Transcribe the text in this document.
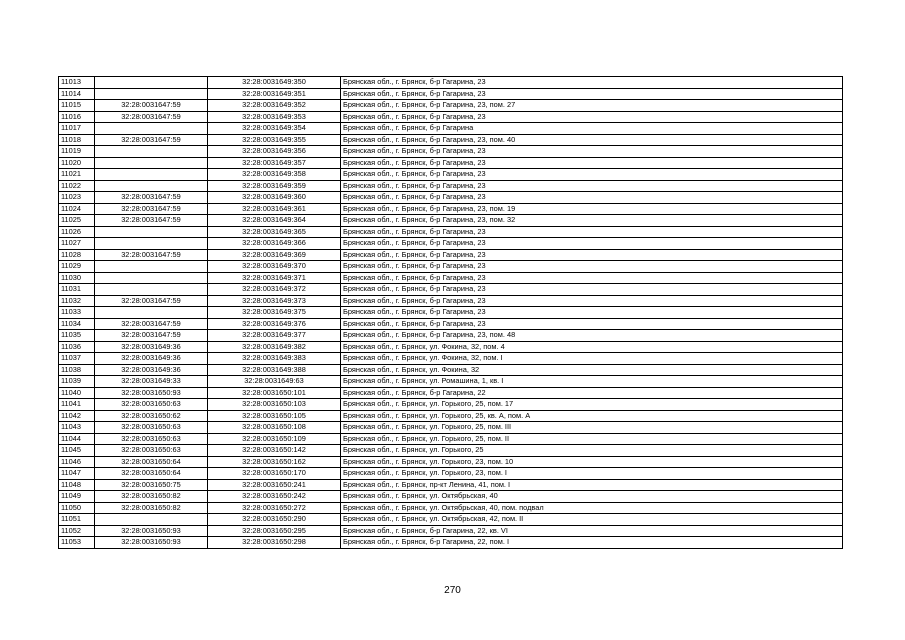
11013		32:28:0031649:350	Брянская обл., г. Брянск, б-р Гагарина, 23
11014		32:28:0031649:351	Брянская обл., г. Брянск, б-р Гагарина, 23
11015	32:28:0031647:59	32:28:0031649:352	Брянская обл., г. Брянск, б-р Гагарина, 23, пом. 27
11016	32:28:0031647:59	32:28:0031649:353	Брянская обл., г. Брянск, б-р Гагарина, 23
11017		32:28:0031649:354	Брянская обл., г. Брянск, б-р Гагарина
11018	32:28:0031647:59	32:28:0031649:355	Брянская обл., г. Брянск, б-р Гагарина, 23, пом. 40
11019		32:28:0031649:356	Брянская обл., г. Брянск, б-р Гагарина, 23
11020		32:28:0031649:357	Брянская обл., г. Брянск, б-р Гагарина, 23
11021		32:28:0031649:358	Брянская обл., г. Брянск, б-р Гагарина, 23
11022		32:28:0031649:359	Брянская обл., г. Брянск, б-р Гагарина, 23
11023	32:28:0031647:59	32:28:0031649:360	Брянская обл., г. Брянск, б-р Гагарина, 23
11024	32:28:0031647:59	32:28:0031649:361	Брянская обл., г. Брянск, б-р Гагарина, 23, пом. 19
11025	32:28:0031647:59	32:28:0031649:364	Брянская обл., г. Брянск, б-р Гагарина, 23, пом. 32
11026		32:28:0031649:365	Брянская обл., г. Брянск, б-р Гагарина, 23
11027		32:28:0031649:366	Брянская обл., г. Брянск, б-р Гагарина, 23
11028	32:28:0031647:59	32:28:0031649:369	Брянская обл., г. Брянск, б-р Гагарина, 23
11029		32:28:0031649:370	Брянская обл., г. Брянск, б-р Гагарина, 23
11030		32:28:0031649:371	Брянская обл., г. Брянск, б-р Гагарина, 23
11031		32:28:0031649:372	Брянская обл., г. Брянск, б-р Гагарина, 23
11032	32:28:0031647:59	32:28:0031649:373	Брянская обл., г. Брянск, б-р Гагарина, 23
11033		32:28:0031649:375	Брянская обл., г. Брянск, б-р Гагарина, 23
11034	32:28:0031647:59	32:28:0031649:376	Брянская обл., г. Брянск, б-р Гагарина, 23
11035	32:28:0031647:59	32:28:0031649:377	Брянская обл., г. Брянск, б-р Гагарина, 23, пом. 48
11036	32:28:0031649:36	32:28:0031649:382	Брянская обл., г. Брянск, ул. Фокина, 32, пом. 4
11037	32:28:0031649:36	32:28:0031649:383	Брянская обл., г. Брянск, ул. Фокина, 32, пом. I
11038	32:28:0031649:36	32:28:0031649:388	Брянская обл., г. Брянск, ул. Фокина, 32
11039	32:28:0031649:33	32:28:0031649:63	Брянская обл., г. Брянск, ул. Ромашина, 1, кв. I
11040	32:28:0031650:93	32:28:0031650:101	Брянская обл., г. Брянск, б-р Гагарина, 22
11041	32:28:0031650:63	32:28:0031650:103	Брянская обл., г. Брянск, ул. Горького, 25, пом. 17
11042	32:28:0031650:62	32:28:0031650:105	Брянская обл., г. Брянск, ул. Горького, 25, кв. А, пом. А
11043	32:28:0031650:63	32:28:0031650:108	Брянская обл., г. Брянск, ул. Горького, 25, пом. III
11044	32:28:0031650:63	32:28:0031650:109	Брянская обл., г. Брянск, ул. Горького, 25, пом. II
11045	32:28:0031650:63	32:28:0031650:142	Брянская обл., г. Брянск, ул. Горького, 25
11046	32:28:0031650:64	32:28:0031650:162	Брянская обл., г. Брянск, ул. Горького, 23, пом. 10
11047	32:28:0031650:64	32:28:0031650:170	Брянская обл., г. Брянск, ул. Горького, 23, пом. I
11048	32:28:0031650:75	32:28:0031650:241	Брянская обл., г. Брянск, пр-кт Ленина, 41, пом. I
11049	32:28:0031650:82	32:28:0031650:242	Брянская обл., г. Брянск, ул. Октябрьская, 40
11050	32:28:0031650:82	32:28:0031650:272	Брянская обл., г. Брянск, ул. Октябрьская, 40, пом. подвал
11051		32:28:0031650:290	Брянская обл., г. Брянск, ул. Октябрьская, 42, пом. II
11052	32:28:0031650:93	32:28:0031650:295	Брянская обл., г. Брянск, б-р Гагарина, 22, кв. VI
11053	32:28:0031650:93	32:28:0031650:298	Брянская обл., г. Брянск, б-р Гагарина, 22, пом. I
270
